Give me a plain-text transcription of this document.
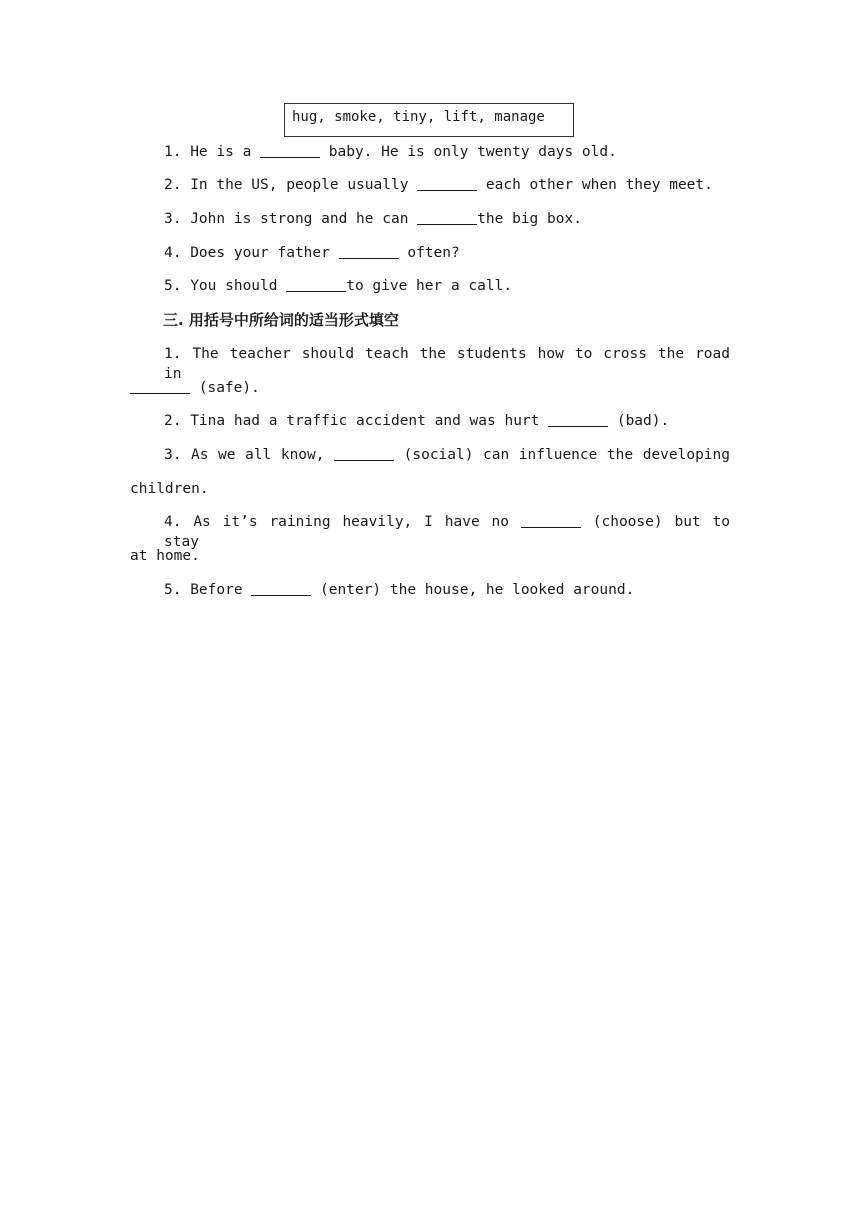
hug, smoke, tiny, lift, manage
1. He is a	baby. He is only twenty days old.
2. In the US, people usually	each other when they meet.
3. John is strong and he can	the big box.
4. Does your father	often?
5. You should	to give her a call.
三. 用括号中所给词的适当形式填空
1. The teacher should teach the students how to cross the road in
(safe).
2. Tina had a traffic accident and was hurt	(bad).
3. As we all know,	(social) can influence the developing
children.
4. As it’s raining heavily, I have no	(choose) but to stay
at home.
5. Before	(enter) the house, he looked around.
